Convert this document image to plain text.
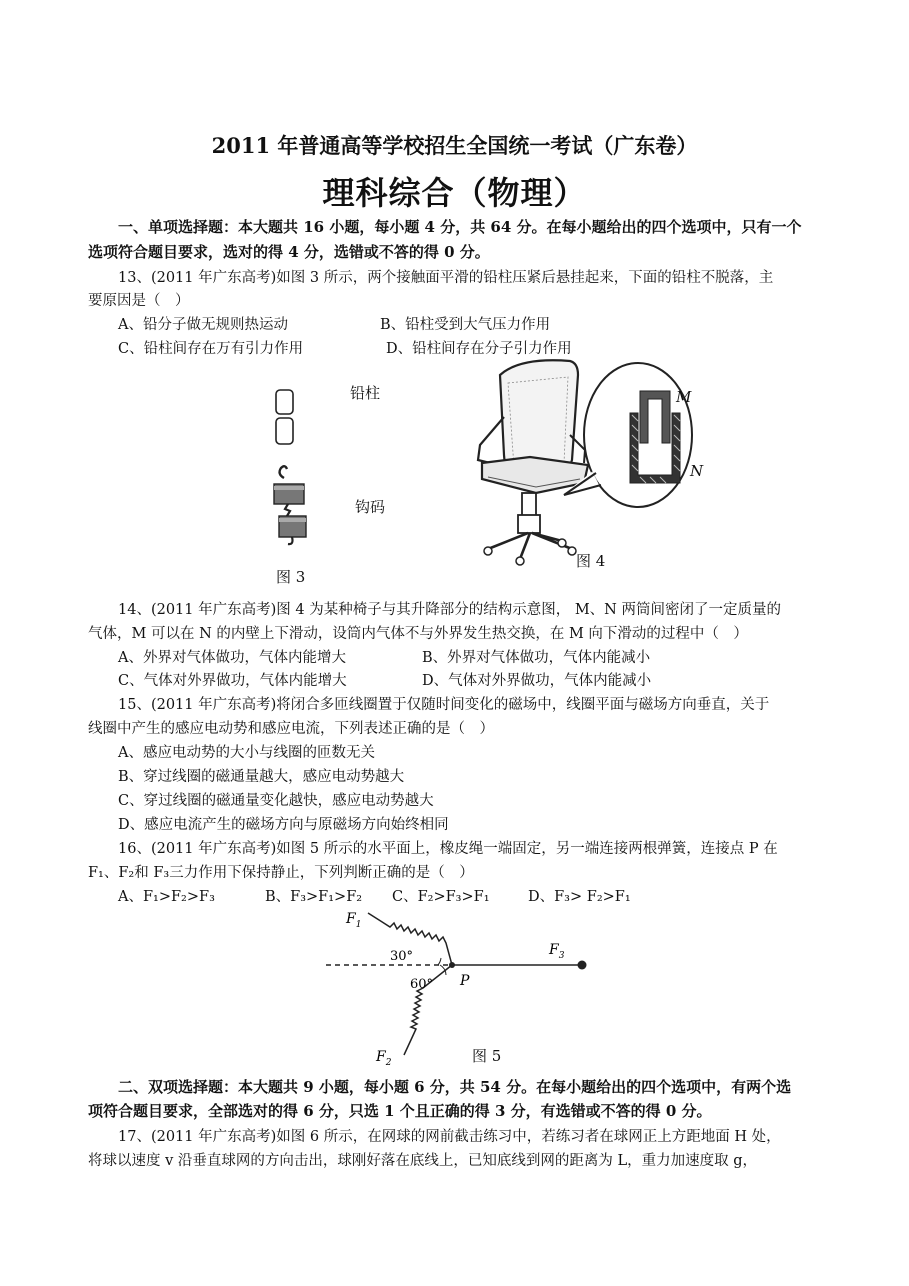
2011 年普通高等学校招生全国统一考试（广东卷）
理科综合（物理）
一、单项选择题：本大题共 16 小题，每小题 4 分，共 64 分。在每小题给出的四个选项中，只有一个
选项符合题目要求，选对的得 4 分，选错或不答的得 0 分。
13、(2011 年广东高考)如图 3 所示，两个接触面平滑的铅柱压紧后悬挂起来，下面的铅柱不脱落，主
要原因是（　）
A、铅分子做无规则热运动	B、铅柱受到大气压力作用
C、铅柱间存在万有引力作用	D、铅柱间存在分子引力作用
铅柱
钩码
图 3
M
N
图 4
14、(2011 年广东高考)图 4 为某种椅子与其升降部分的结构示意图， M、N 两筒间密闭了一定质量的
气体，M 可以在 N 的内壁上下滑动，设筒内气体不与外界发生热交换，在 M 向下滑动的过程中（　）
A、外界对气体做功，气体内能增大	B、外界对气体做功，气体内能减小
C、气体对外界做功，气体内能增大	D、气体对外界做功，气体内能减小
15、(2011 年广东高考)将闭合多匝线圈置于仅随时间变化的磁场中，线圈平面与磁场方向垂直，关于
线圈中产生的感应电动势和感应电流，下列表述正确的是（　）
A、感应电动势的大小与线圈的匝数无关
B、穿过线圈的磁通量越大，感应电动势越大
C、穿过线圈的磁通量变化越快，感应电动势越大
D、感应电流产生的磁场方向与原磁场方向始终相同
16、(2011 年广东高考)如图 5 所示的水平面上，橡皮绳一端固定，另一端连接两根弹簧，连接点 P 在
F₁、F₂和 F₃三力作用下保持静止，下列判断正确的是（　）
A、F₁>F₂>F₃	B、F₃>F₁>F₂ C、F₂>F₃>F₁	D、F₃> F₂>F₁
$F_1$
$F_2$
$F_3$
P
30°
60°
图 5
二、双项选择题：本大题共 9 小题，每小题 6 分，共 54 分。在每小题给出的四个选项中，有两个选
项符合题目要求，全部选对的得 6 分，只选 1 个且正确的得 3 分，有选错或不答的得 0 分。
17、(2011 年广东高考)如图 6 所示，在网球的网前截击练习中，若练习者在球网正上方距地面 H 处，
将球以速度 v 沿垂直球网的方向击出，球刚好落在底线上，已知底线到网的距离为 L，重力加速度取 g，
